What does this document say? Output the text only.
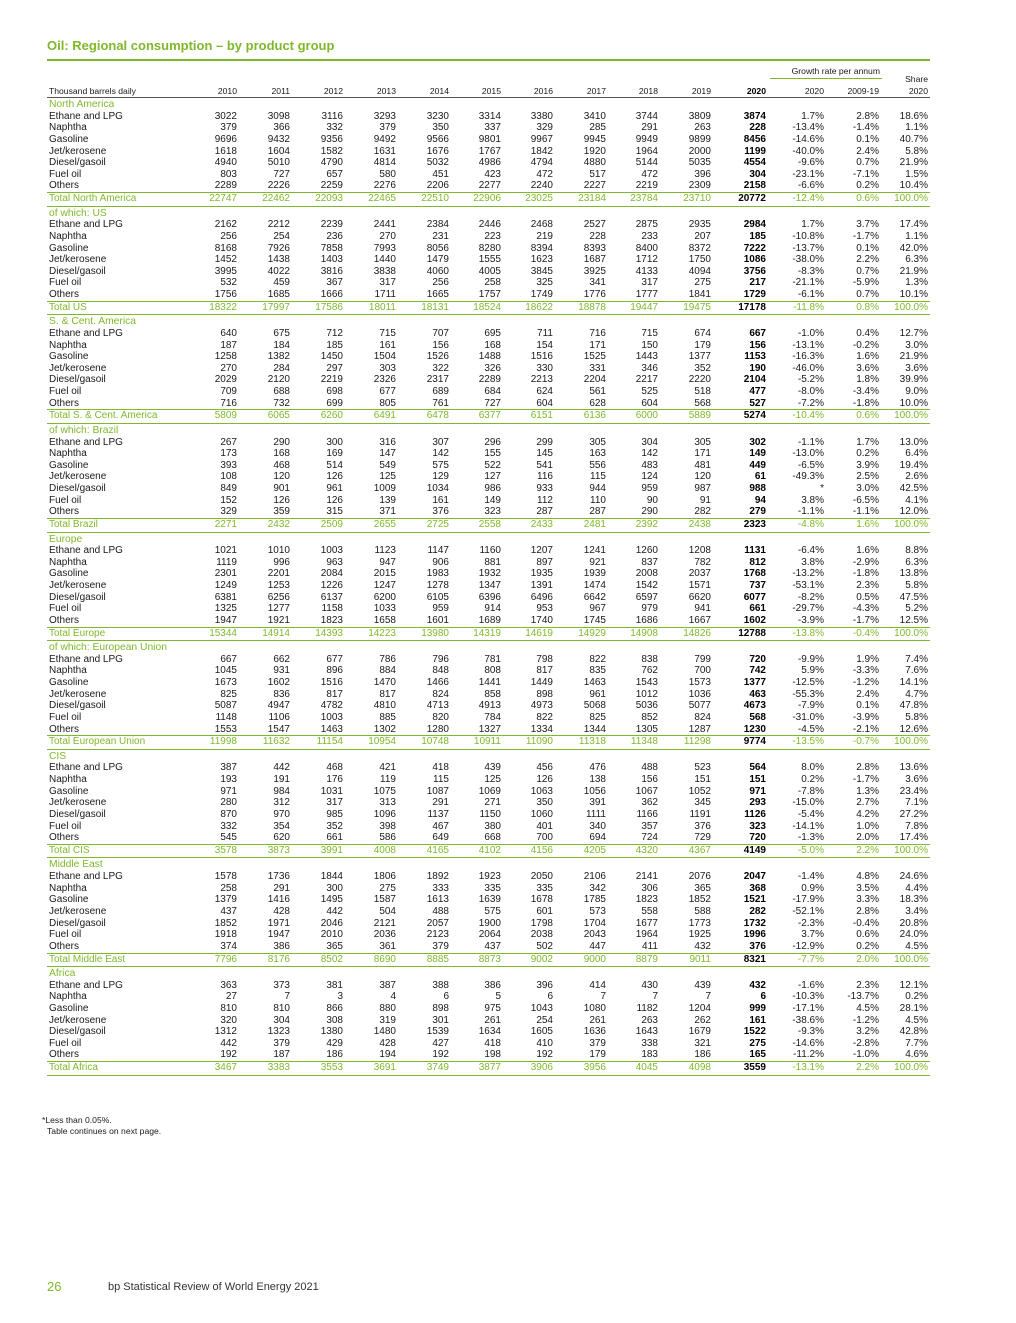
Oil: Regional consumption – by product group
Growth rate per annum
Share
Thousand barrels daily	2010	2011	2012	2013	2014	2015	2016	2017	2018	2019	2020	2020	2009-19	2020
North America
Ethane and LPG	3022	3098	3116	3293	3230	3314	3380	3410	3744	3809	3874	1.7%	2.8% 18.6%
Naphtha	379	366	332	379	350	337	329	285	291	263	228	-13.4%	-1.4%	1.1%
Gasoline	9696	9432	9356	9492	9566	9801	9967	9945	9949	9899	8456	-14.6%	0.1% 40.7%
Jet/kerosene	1618	1604	1582	1631	1676	1767	1842	1920	1964	2000	1199	-40.0%	2.4%	5.8%
Diesel/gasoil	4940	5010	4790	4814	5032	4986	4794	4880	5144	5035	4554	-9.6%	0.7% 21.9%
Fuel oil	803	727	657	580	451	423	472	517	472	396	304	-23.1%	-7.1%	1.5%
Others	2289	2226	2259	2276	2206	2277	2240	2227	2219	2309	2158	-6.6%	0.2% 10.4%
Total North America	22747	22462	22093	22465	22510 22906 23025	23184 23784	23710	20772	-12.4%	0.6% 100.0%
of which: US
Ethane and LPG	2162	2212	2239	2441	2384	2446	2468	2527	2875	2935	2984	1.7%	3.7% 17.4%
Naphtha	256	254	236	270	231	223	219	228	233	207	185	-10.8%	-1.7%	1.1%
Gasoline	8168	7926	7858	7993	8056	8280	8394	8393	8400	8372	7222	-13.7%	0.1% 42.0%
Jet/kerosene	1452	1438	1403	1440	1479	1555	1623	1687	1712	1750	1086	-38.0%	2.2%	6.3%
Diesel/gasoil	3995	4022	3816	3838	4060	4005	3845	3925	4133	4094	3756	-8.3%	0.7% 21.9%
Fuel oil	532	459	367	317	256	258	325	341	317	275	217	-21.1%	-5.9%	1.3%
Others	1756	1685	1666	1711	1665	1757	1749	1776	1777	1841	1729	-6.1%	0.7% 10.1%
Total US	18322	17997	17586	18011	18131 18524 18622	18878 19447	19475	17178	-11.8%	0.8% 100.0%
S. & Cent. America
Ethane and LPG	640	675	712	715	707	695	711	716	715	674	667	-1.0%	0.4% 12.7%
Naphtha	187	184	185	161	156	168	154	171	150	179	156	-13.1%	-0.2%	3.0%
Gasoline	1258	1382	1450	1504	1526	1488	1516	1525	1443	1377	1153	-16.3%	1.6% 21.9%
Jet/kerosene	270	284	297	303	322	326	330	331	346	352	190	-46.0%	3.6%	3.6%
Diesel/gasoil	2029	2120	2219	2326	2317	2289	2213	2204	2217	2220	2104	-5.2%	1.8% 39.9%
Fuel oil	709	688	698	677	689	684	624	561	525	518	477	-8.0%	-3.4%	9.0%
Others	716	732	699	805	761	727	604	628	604	568	527	-7.2%	-1.8% 10.0%
Total S. & Cent. America	5809	6065	6260	6491	6478	6377	6151	6136	6000	5889	5274	-10.4%	0.6% 100.0%
of which: Brazil
Ethane and LPG	267	290	300	316	307	296	299	305	304	305	302	-1.1%	1.7% 13.0%
Naphtha	173	168	169	147	142	155	145	163	142	171	149	-13.0%	0.2%	6.4%
Gasoline	393	468	514	549	575	522	541	556	483	481	449	-6.5%	3.9% 19.4%
Jet/kerosene	108	120	126	125	129	127	116	115	124	120	61	-49.3%	2.5%	2.6%
Diesel/gasoil	849	901	961	1009	1034	986	933	944	959	987	988	*	3.0% 42.5%
Fuel oil	152	126	126	139	161	149	112	110	90	91	94	3.8%	-6.5%	4.1%
Others	329	359	315	371	376	323	287	287	290	282	279	-1.1%	-1.1% 12.0%
Total Brazil	2271	2432	2509	2655	2725	2558	2433	2481	2392	2438	2323	-4.8%	1.6% 100.0%
Europe
Ethane and LPG	1021	1010	1003	1123	1147	1160	1207	1241	1260	1208	1131	-6.4%	1.6%	8.8%
Naphtha	1119	996	963	947	906	881	897	921	837	782	812	3.8%	-2.9%	6.3%
Gasoline	2301	2201	2084	2015	1983	1932	1935	1939	2008	2037	1768	-13.2%	-1.8% 13.8%
Jet/kerosene	1249	1253	1226	1247	1278	1347	1391	1474	1542	1571	737	-53.1%	2.3%	5.8%
Diesel/gasoil	6381	6256	6137	6200	6105	6396	6496	6642	6597	6620	6077	-8.2%	0.5% 47.5%
Fuel oil	1325	1277	1158	1033	959	914	953	967	979	941	661	-29.7%	-4.3%	5.2%
Others	1947	1921	1823	1658	1601	1689	1740	1745	1686	1667	1602	-3.9%	-1.7% 12.5%
Total Europe	15344	14914	14393	14223	13980 14319 14619	14929 14908	14826	12788	-13.8%	-0.4% 100.0%
of which: European Union
Ethane and LPG	667	662	677	786	796	781	798	822	838	799	720	-9.9%	1.9%	7.4%
Naphtha	1045	931	896	884	848	808	817	835	762	700	742	5.9%	-3.3%	7.6%
Gasoline	1673	1602	1516	1470	1466	1441	1449	1463	1543	1573	1377	-12.5%	-1.2% 14.1%
Jet/kerosene	825	836	817	817	824	858	898	961	1012	1036	463	-55.3%	2.4%	4.7%
Diesel/gasoil	5087	4947	4782	4810	4713	4913	4973	5068	5036	5077	4673	-7.9%	0.1% 47.8%
Fuel oil	1148	1106	1003	885	820	784	822	825	852	824	568	-31.0%	-3.9%	5.8%
Others	1553	1547	1463	1302	1280	1327	1334	1344	1305	1287	1230	-4.5%	-2.1% 12.6%
Total European Union	11998	11632	11154	10954	10748 10911 11090	11318 11348	11298	9774	-13.5%	-0.7% 100.0%
CIS
Ethane and LPG	387	442	468	421	418	439	456	476	488	523	564	8.0%	2.8% 13.6%
Naphtha	193	191	176	119	115	125	126	138	156	151	151	0.2%	-1.7%	3.6%
Gasoline	971	984	1031	1075	1087	1069	1063	1056	1067	1052	971	-7.8%	1.3% 23.4%
Jet/kerosene	280	312	317	313	291	271	350	391	362	345	293	-15.0%	2.7%	7.1%
Diesel/gasoil	870	970	985	1096	1137	1150	1060	1111	1166	1191	1126	-5.4%	4.2% 27.2%
Fuel oil	332	354	352	398	467	380	401	340	357	376	323	-14.1%	1.0%	7.8%
Others	545	620	661	586	649	668	700	694	724	729	720	-1.3%	2.0% 17.4%
Total CIS	3578	3873	3991	4008	4165	4102	4156	4205	4320	4367	4149	-5.0%	2.2% 100.0%
Middle East
Ethane and LPG	1578	1736	1844	1806	1892	1923	2050	2106	2141	2076	2047	-1.4%	4.8% 24.6%
Naphtha	258	291	300	275	333	335	335	342	306	365	368	0.9%	3.5%	4.4%
Gasoline	1379	1416	1495	1587	1613	1639	1678	1785	1823	1852	1521	-17.9%	3.3% 18.3%
Jet/kerosene	437	428	442	504	488	575	601	573	558	588	282	-52.1%	2.8%	3.4%
Diesel/gasoil	1852	1971	2046	2121	2057	1900	1798	1704	1677	1773	1732	-2.3%	-0.4% 20.8%
Fuel oil	1918	1947	2010	2036	2123	2064	2038	2043	1964	1925	1996	3.7%	0.6% 24.0%
Others	374	386	365	361	379	437	502	447	411	432	376	-12.9%	0.2%	4.5%
Total Middle East	7796	8176	8502	8690	8885	8873	9002	9000	8879	9011	8321	-7.7%	2.0% 100.0%
Africa
Ethane and LPG	363	373	381	387	388	386	396	414	430	439	432	-1.6%	2.3% 12.1%
Naphtha	27	7	3	4	6	5	6	7	7	7	6	-10.3% -13.7%	0.2%
Gasoline	810	810	866	880	898	975	1043	1080	1182	1204	999	-17.1%	4.5% 28.1%
Jet/kerosene	320	304	308	319	301	261	254	261	263	262	161	-38.6%	-1.2%	4.5%
Diesel/gasoil	1312	1323	1380	1480	1539	1634	1605	1636	1643	1679	1522	-9.3%	3.2% 42.8%
Fuel oil	442	379	429	428	427	418	410	379	338	321	275	-14.6%	-2.8%	7.7%
Others	192	187	186	194	192	198	192	179	183	186	165	-11.2%	-1.0%	4.6%
Total Africa	3467	3383	3553	3691	3749	3877	3906	3956	4045	4098	3559	-13.1%	2.2% 100.0%
*Less than 0.05%.
Table continues on next page.
26	bp Statistical Review of World Energy 2021
